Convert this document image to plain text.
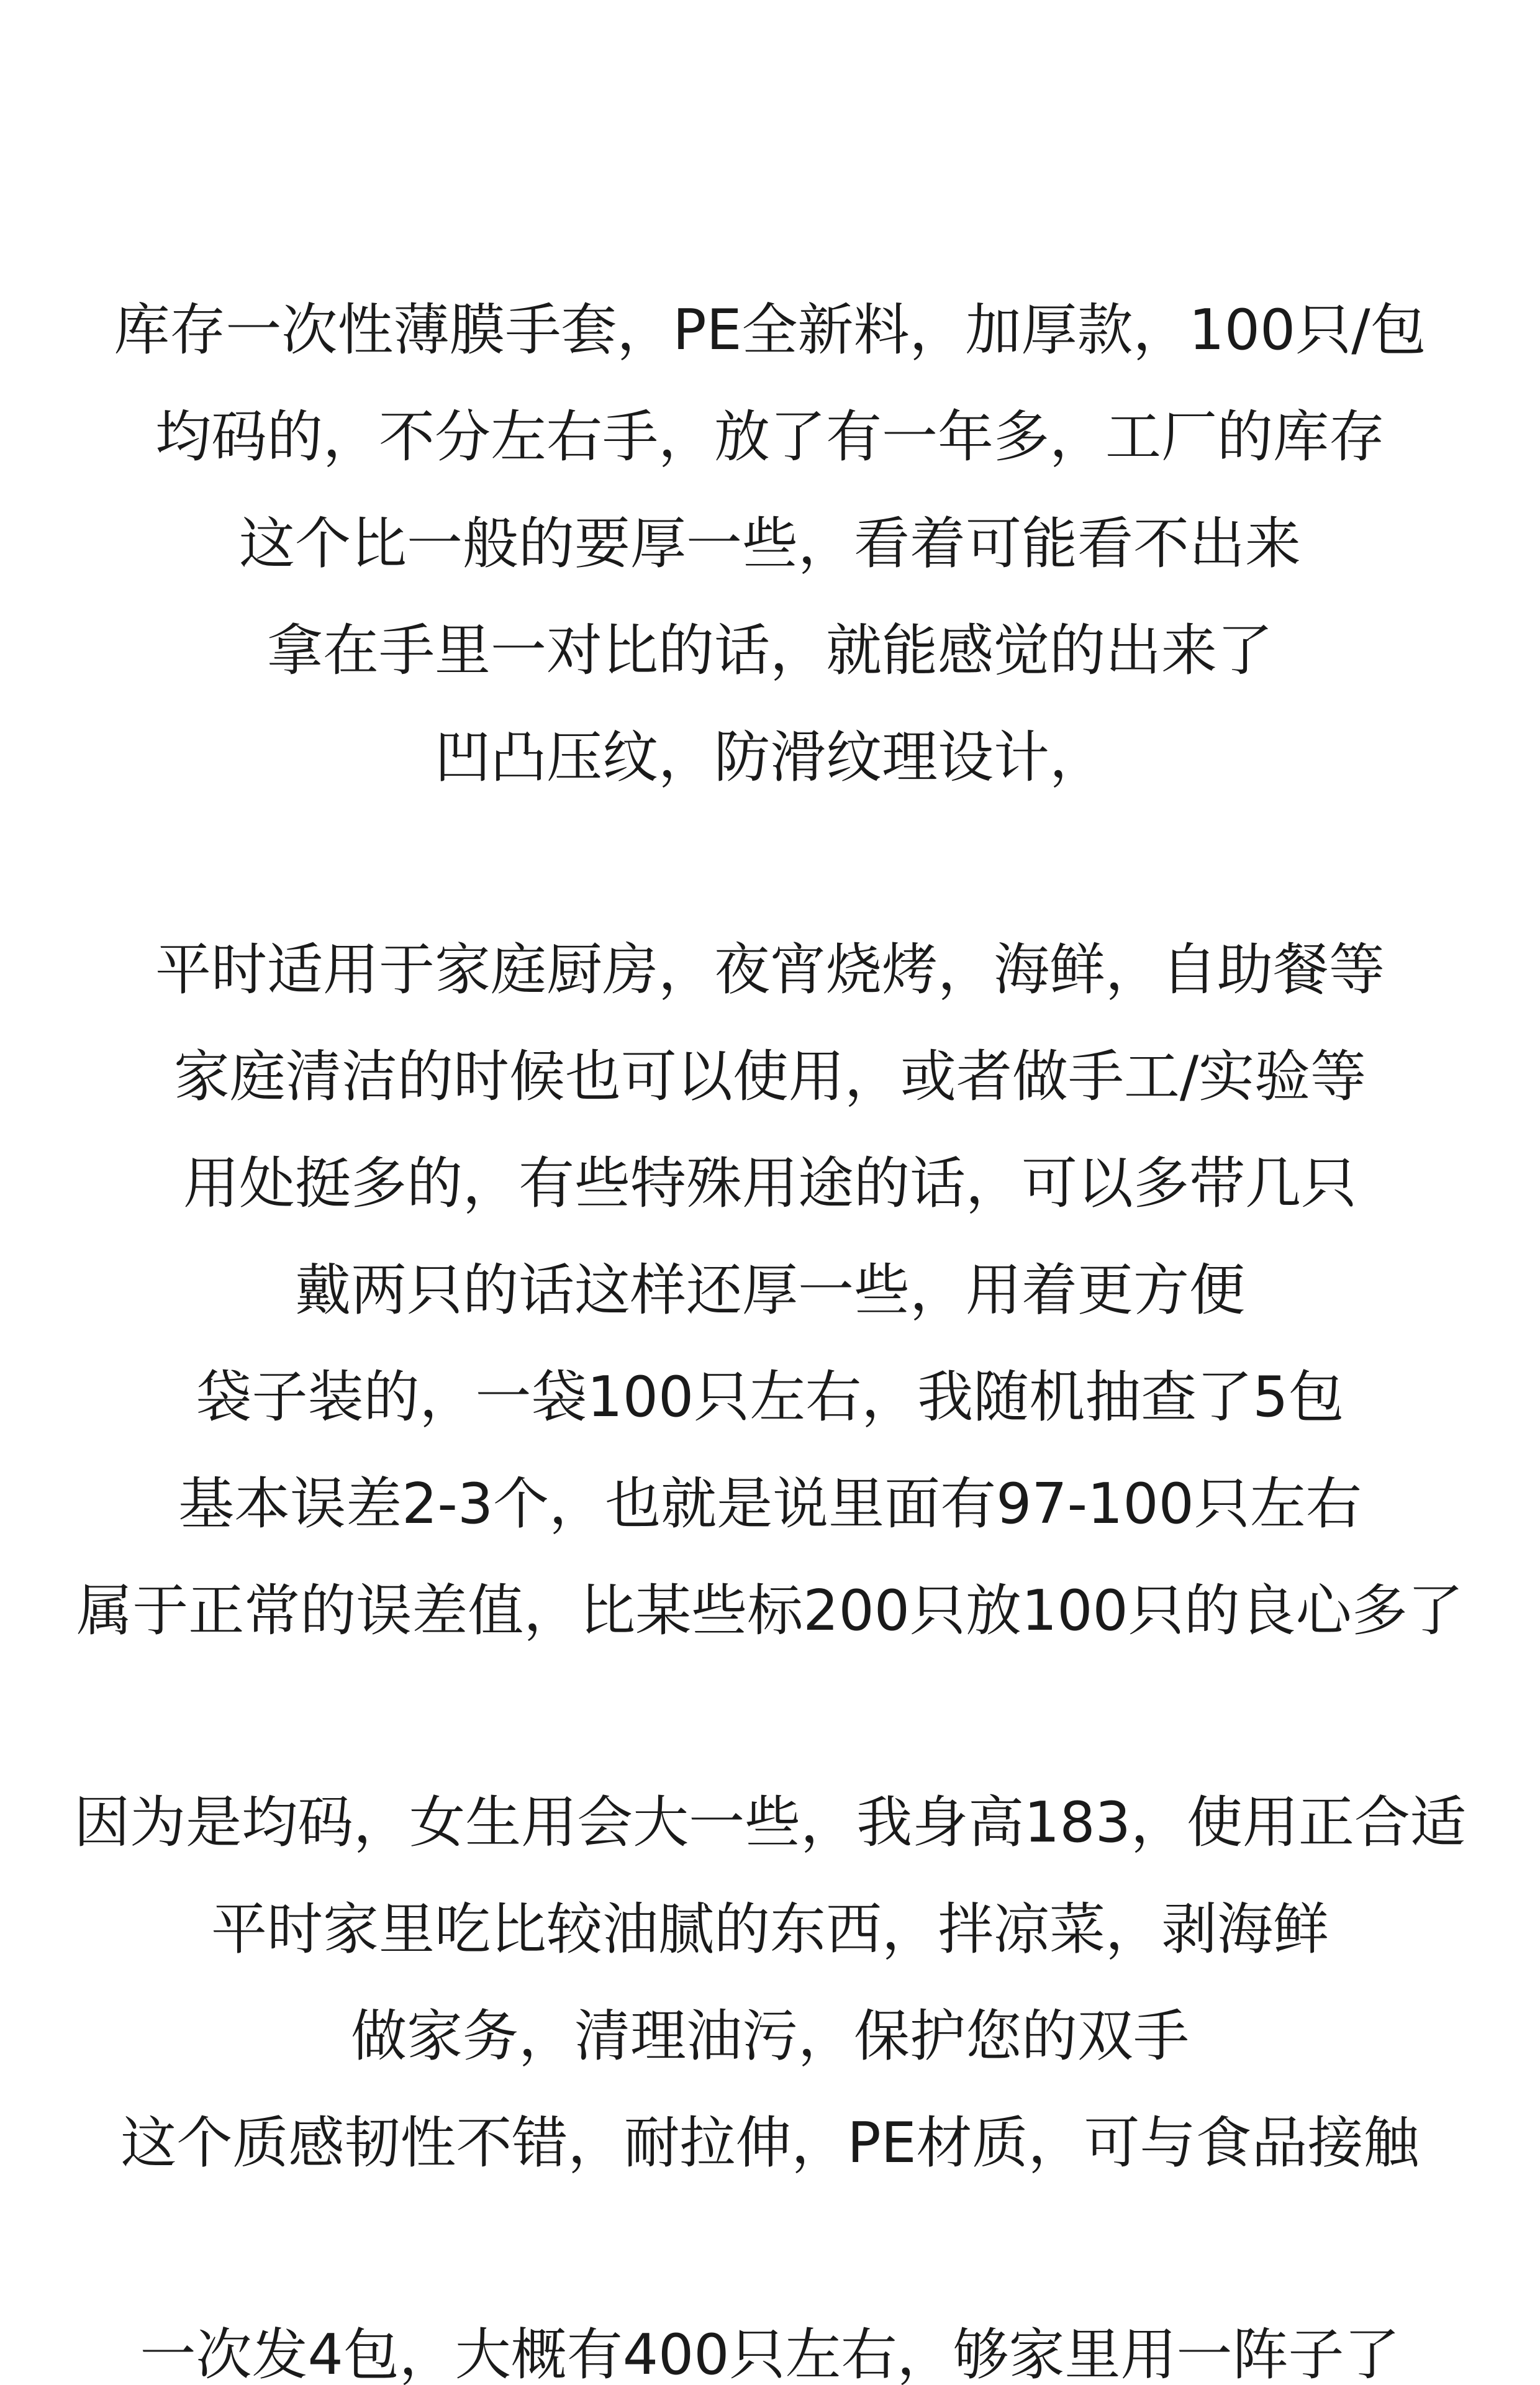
库存一次性薄膜手套，PE全新料，加厚款，100只/包
均码的，不分左右手，放了有一年多，工厂的库存
这个比一般的要厚一些，看着可能看不出来
拿在手里一对比的话，就能感觉的出来了
凹凸压纹，防滑纹理设计，
平时适用于家庭厨房，夜宵烧烤，海鲜，自助餐等
家庭清洁的时候也可以使用，或者做手工/实验等
用处挺多的，有些特殊用途的话，可以多带几只
戴两只的话这样还厚一些，用着更方便
袋子装的，一袋100只左右，我随机抽查了5包
基本误差2-3个，也就是说里面有97-100只左右
属于正常的误差值，比某些标200只放100只的良心多了
因为是均码，女生用会大一些，我身高183，使用正合适
平时家里吃比较油腻的东西，拌凉菜，剥海鲜
做家务，清理油污，保护您的双手
这个质感韧性不错，耐拉伸，PE材质，可与食品接触
一次发4包，大概有400只左右，够家里用一阵子了
